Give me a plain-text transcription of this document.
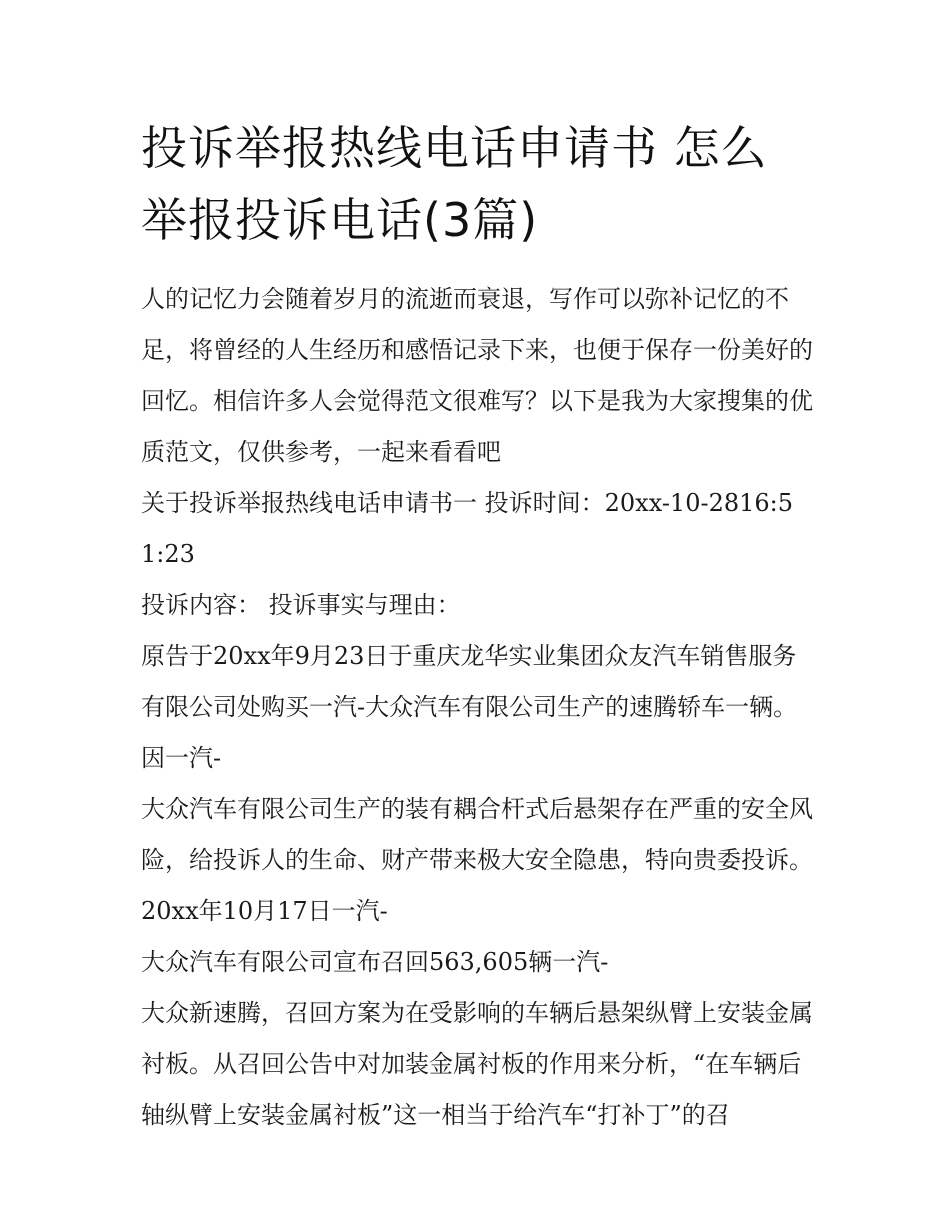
投诉举报热线电话申请书 怎么举报投诉电话(3篇)

人的记忆力会随着岁月的流逝而衰退，写作可以弥补记忆的不足，将曾经的人生经历和感悟记录下来，也便于保存一份美好的回忆。相信许多人会觉得范文很难写？以下是我为大家搜集的优质范文，仅供参考，一起来看看吧

关于投诉举报热线电话申请书一 投诉时间：20xx-10-2816:51:23

投诉内容： 投诉事实与理由：

原告于20xx年9月23日于重庆龙华实业集团众友汽车销售服务有限公司处购买一汽-大众汽车有限公司生产的速腾轿车一辆。因一汽-

大众汽车有限公司生产的装有耦合杆式后悬架存在严重的安全风险，给投诉人的生命、财产带来极大安全隐患，特向贵委投诉。 20xx年10月17日一汽-

大众汽车有限公司宣布召回563,605辆一汽-

大众新速腾，召回方案为在受影响的车辆后悬架纵臂上安装金属衬板。从召回公告中对加装金属衬板的作用来分析，“在车辆后轴纵臂上安装金属衬板”这一相当于给汽车“打补丁”的召
